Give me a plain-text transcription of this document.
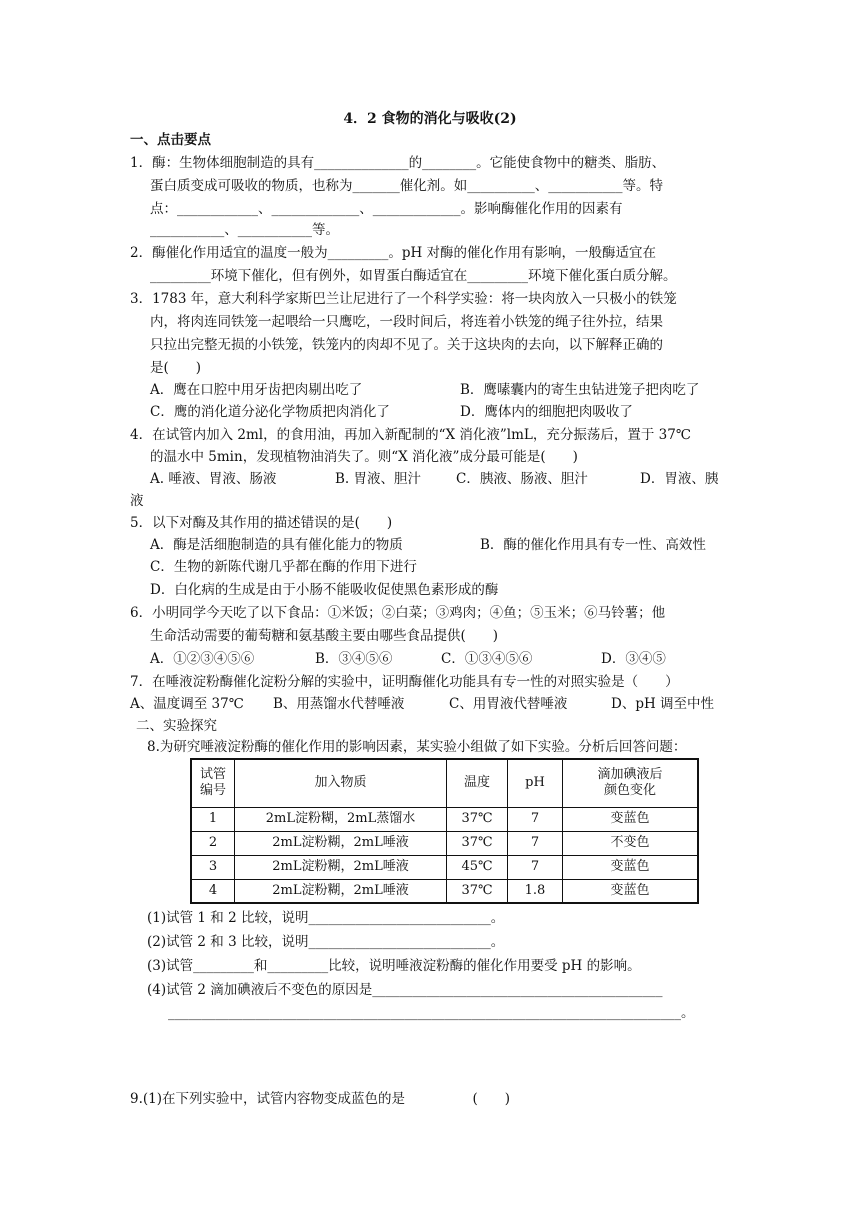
4．2 食物的消化与吸收(2)
一、点击要点
1．酶：生物体细胞制造的具有______________的________。它能使食物中的糖类、脂肪、
蛋白质变成可吸收的物质，也称为_______催化剂。如__________、___________等。特
点：____________、_____________、_____________。影响酶催化作用的因素有
___________、___________等。
2．酶催化作用适宜的温度一般为_________。pH 对酶的催化作用有影响，一般酶适宜在
_________环境下催化，但有例外，如胃蛋白酶适宜在_________环境下催化蛋白质分解。
3．1783 年，意大利科学家斯巴兰让尼进行了一个科学实验：将一块肉放入一只极小的铁笼
内，将肉连同铁笼一起喂给一只鹰吃，一段时间后，将连着小铁笼的绳子往外拉，结果
只拉出完整无损的小铁笼，铁笼内的肉却不见了。关于这块肉的去向，以下解释正确的
是(　　)
A．鹰在口腔中用牙齿把肉剔出吃了	B．鹰嗉囊内的寄生虫钻进笼子把肉吃了
C．鹰的消化道分泌化学物质把肉消化了	D．鹰体内的细胞把肉吸收了
4．在试管内加入 2ml，的食用油，再加入新配制的“X 消化液”lmL，充分振荡后，置于 37℃
的温水中 5min，发现植物油消失了。则“X 消化液”成分最可能是(　　)
A. 唾液、胃液、肠液	B. 胃液、胆汁	C．胰液、肠液、胆汁	D．胃液、胰
液
5．以下对酶及其作用的描述错误的是(　　)
A．酶是活细胞制造的具有催化能力的物质	B．酶的催化作用具有专一性、高效性
C．生物的新陈代谢几乎都在酶的作用下进行
D．白化病的生成是由于小肠不能吸收促使黑色素形成的酶
6．小明同学今天吃了以下食品：①米饭；②白菜；③鸡肉；④鱼；⑤玉米；⑥马铃薯；他
生命活动需要的葡萄糖和氨基酸主要由哪些食品提供(　　)
A．①②③④⑤⑥	B．③④⑤⑥	C．①③④⑤⑥	D．③④⑤
7．在唾液淀粉酶催化淀粉分解的实验中，证明酶催化功能具有专一性的对照实验是（　　）
A、温度调至 37℃ B、用蒸馏水代替唾液	C、用胃液代替唾液	D、pH 调至中性
二、实验探究
8.为研究唾液淀粉酶的催化作用的影响因素，某实验小组做了如下实验。分析后回答问题：
试管
编号	加入物质	温度	pH	滴加碘液后
颜色变化
1	2mL淀粉糊，2mL蒸馏水	37℃	7	变蓝色
2	2mL淀粉糊，2mL唾液	37℃	7	不变色
3	2mL淀粉糊，2mL唾液	45℃	7	变蓝色
4	2mL淀粉糊，2mL唾液	37℃	1.8	变蓝色
(1)试管 1 和 2 比较，说明___________________________。
(2)试管 2 和 3 比较，说明___________________________。
(3)试管_________和_________比较，说明唾液淀粉酶的催化作用要受 pH 的影响。
(4)试管 2 滴加碘液后不变色的原因是___________________________________________
____________________________________________________________________________。
9.(1)在下列实验中，试管内容物变成蓝色的是　　　　　(　　)
